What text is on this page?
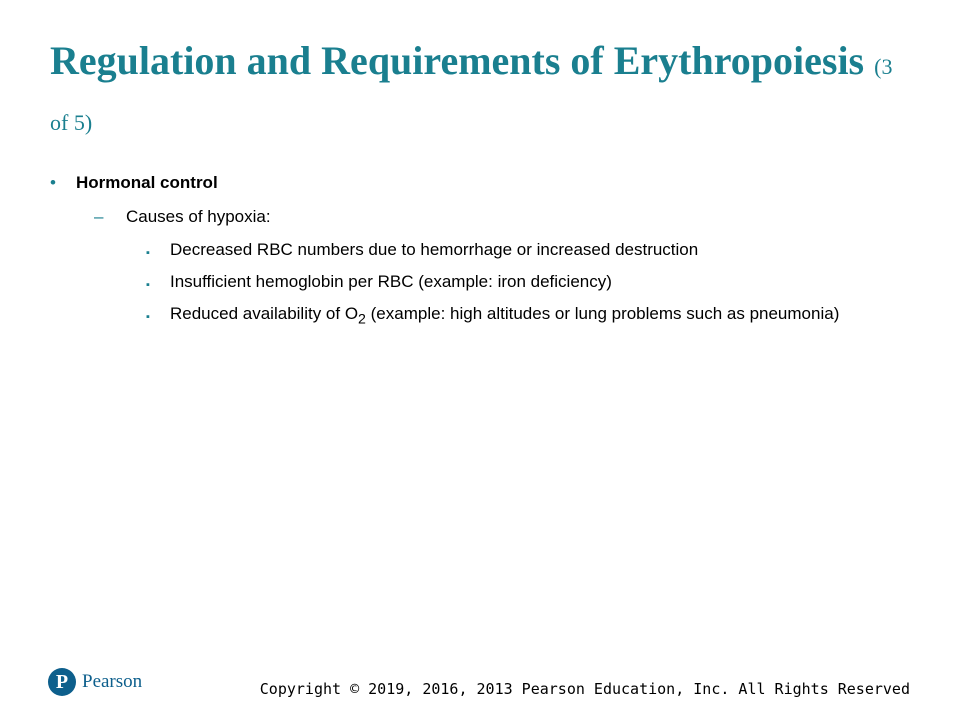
Regulation and Requirements of Erythropoiesis (3 of 5)
• Hormonal control
– Causes of hypoxia:
▪ Decreased RBC numbers due to hemorrhage or increased destruction
▪ Insufficient hemoglobin per RBC (example: iron deficiency)
▪ Reduced availability of $O_2$ (example: high altitudes or lung problems such as pneumonia)
P Pearson	Copyright © 2019, 2016, 2013 Pearson Education, Inc. All Rights Reserved
